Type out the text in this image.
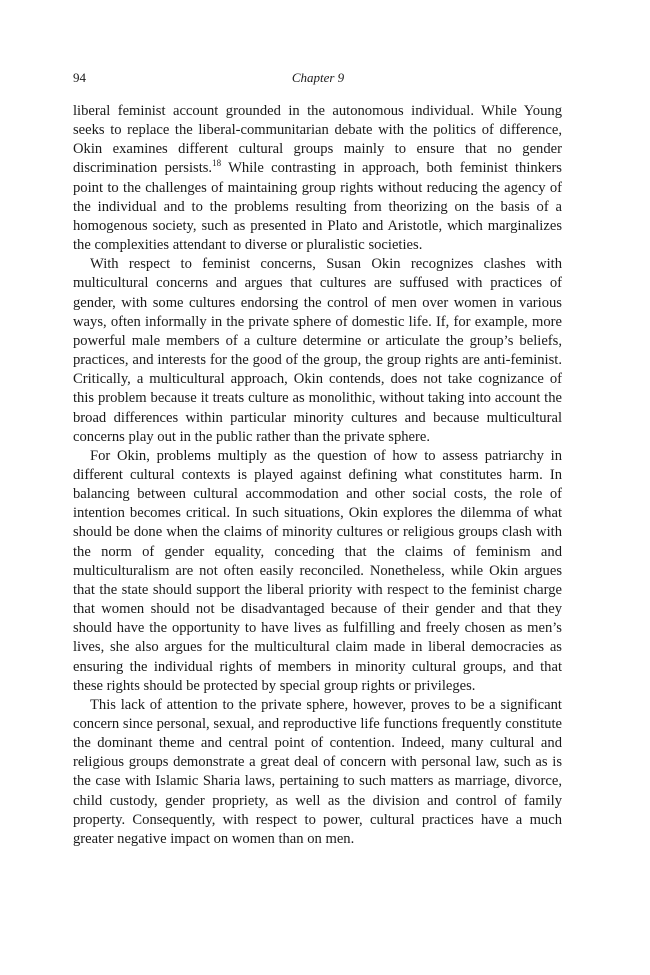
94	Chapter 9

liberal feminist account grounded in the autonomous individual. While Young seeks to replace the liberal-communitarian debate with the politics of difference, Okin examines different cultural groups mainly to ensure that no gender discrimination persists.$^{18}$ While contrasting in approach, both feminist thinkers point to the challenges of maintaining group rights without reducing the agency of the individual and to the problems resulting from theorizing on the basis of a homogenous society, such as presented in Plato and Aristotle, which marginalizes the complexities attendant to diverse or pluralistic societies.

With respect to feminist concerns, Susan Okin recognizes clashes with multicultural concerns and argues that cultures are suffused with practices of gender, with some cultures endorsing the control of men over women in various ways, often informally in the private sphere of domestic life. If, for example, more powerful male members of a culture determine or articulate the group’s beliefs, practices, and interests for the good of the group, the group rights are anti-feminist. Critically, a multicultural approach, Okin contends, does not take cognizance of this problem because it treats culture as monolithic, without taking into account the broad differences within particular minority cultures and because multicultural concerns play out in the public rather than the private sphere.

For Okin, problems multiply as the question of how to assess patriarchy in different cultural contexts is played against defining what constitutes harm. In balancing between cultural accommodation and other social costs, the role of intention becomes critical. In such situations, Okin explores the dilemma of what should be done when the claims of minority cultures or religious groups clash with the norm of gender equality, conceding that the claims of feminism and multiculturalism are not often easily reconciled. Nonetheless, while Okin argues that the state should support the liberal priority with respect to the feminist charge that women should not be disadvantaged because of their gender and that they should have the opportunity to have lives as fulfilling and freely chosen as men’s lives, she also argues for the multicultural claim made in liberal democracies as ensuring the individual rights of members in minority cultural groups, and that these rights should be protected by special group rights or privileges.

This lack of attention to the private sphere, however, proves to be a significant concern since personal, sexual, and reproductive life functions frequently constitute the dominant theme and central point of contention. Indeed, many cultural and religious groups demonstrate a great deal of concern with personal law, such as is the case with Islamic Sharia laws, pertaining to such matters as marriage, divorce, child custody, gender propriety, as well as the division and control of family property. Consequently, with respect to power, cultural practices have a much greater negative impact on women than on men.
